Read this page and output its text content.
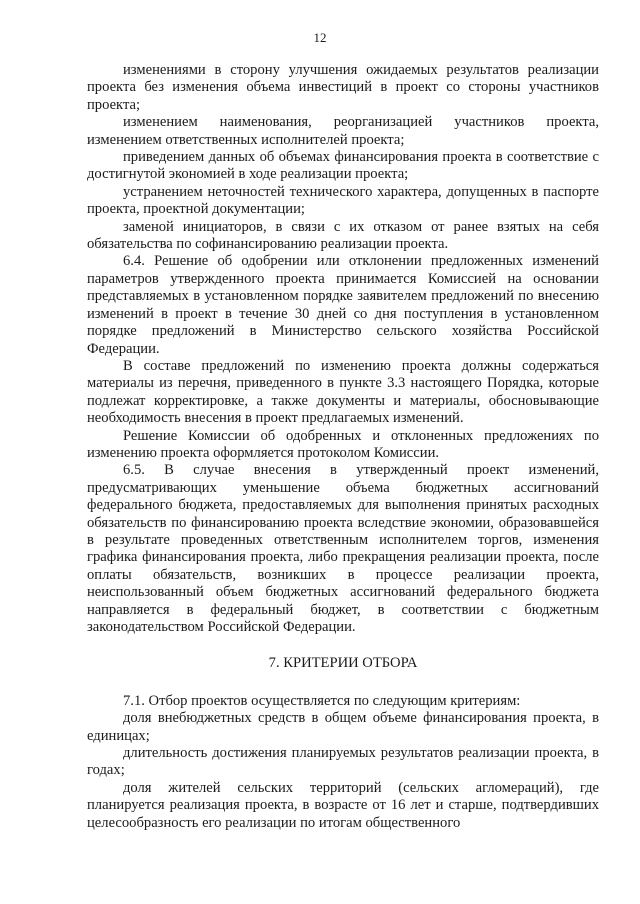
12

изменениями в сторону улучшения ожидаемых результатов реализации проекта без изменения объема инвестиций в проект со стороны участников проекта;

изменением наименования, реорганизацией участников проекта, изменением ответственных исполнителей проекта;

приведением данных об объемах финансирования проекта в соответствие с достигнутой экономией в ходе реализации проекта;

устранением неточностей технического характера, допущенных в паспорте проекта, проектной документации;

заменой инициаторов, в связи с их отказом от ранее взятых на себя обязательства по софинансированию реализации проекта.

6.4. Решение об одобрении или отклонении предложенных изменений параметров утвержденного проекта принимается Комиссией на основании представляемых в установленном порядке заявителем предложений по внесению изменений в проект в течение 30 дней со дня поступления в установленном порядке предложений в Министерство сельского хозяйства Российской Федерации.

В составе предложений по изменению проекта должны содержаться материалы из перечня, приведенного в пункте 3.3 настоящего Порядка, которые подлежат корректировке, а также документы и материалы, обосновывающие необходимость внесения в проект предлагаемых изменений.

Решение Комиссии об одобренных и отклоненных предложениях по изменению проекта оформляется протоколом Комиссии.

6.5. В случае внесения в утвержденный проект изменений, предусматривающих уменьшение объема бюджетных ассигнований федерального бюджета, предоставляемых для выполнения принятых расходных обязательств по финансированию проекта вследствие экономии, образовавшейся в результате проведенных ответственным исполнителем торгов, изменения графика финансирования проекта, либо прекращения реализации проекта, после оплаты обязательств, возникших в процессе реализации проекта, неиспользованный объем бюджетных ассигнований федерального бюджета направляется в федеральный бюджет, в соответствии с бюджетным законодательством Российской Федерации.

7. КРИТЕРИИ ОТБОРА

7.1. Отбор проектов осуществляется по следующим критериям:

доля внебюджетных средств в общем объеме финансирования проекта, в единицах;

длительность достижения планируемых результатов реализации проекта, в годах;

доля жителей сельских территорий (сельских агломераций), где планируется реализация проекта, в возрасте от 16 лет и старше, подтвердивших целесообразность его реализации по итогам общественного
